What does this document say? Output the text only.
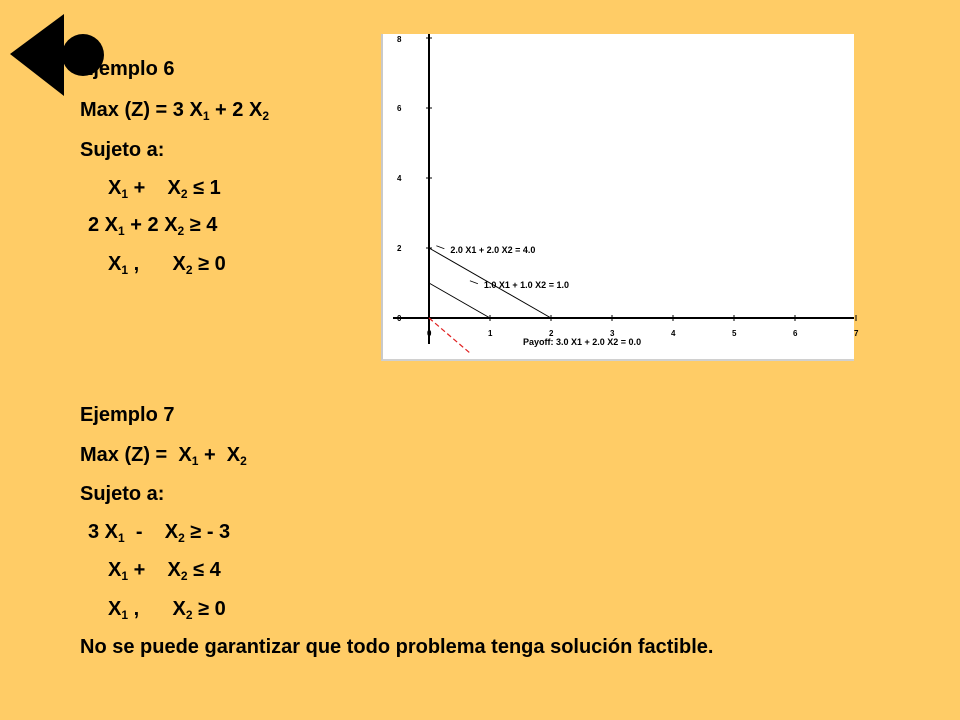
Ejemplo 6
Max (Z) = 3 $X_1 + 2$ $X_2$
Sujeto a:
$X_1$ +    $X_2 \le 1$
2 $X_1 + 2$ $X_2 \ge 4$
$X_1$ ,      $X_2 \ge 0$
0
2
4
6
8
0	1	2	3	4	5	6	7
2.0 X1 + 2.0 X2 = 4.0
1.0 X1 + 1.0 X2 = 1.0
Payoff: 3.0 X1 + 2.0 X2 = 0.0
Ejemplo 7
Max $(Z) = X_1 + X_2$
Sujeto a:
3 $X_1$  -    $X_2$ ≥ - 3
$X_1$ +    $X_2 \le 4$
$X_1$ ,      $X_2 \ge 0$
No se puede garantizar que todo problema tenga solución factible.
